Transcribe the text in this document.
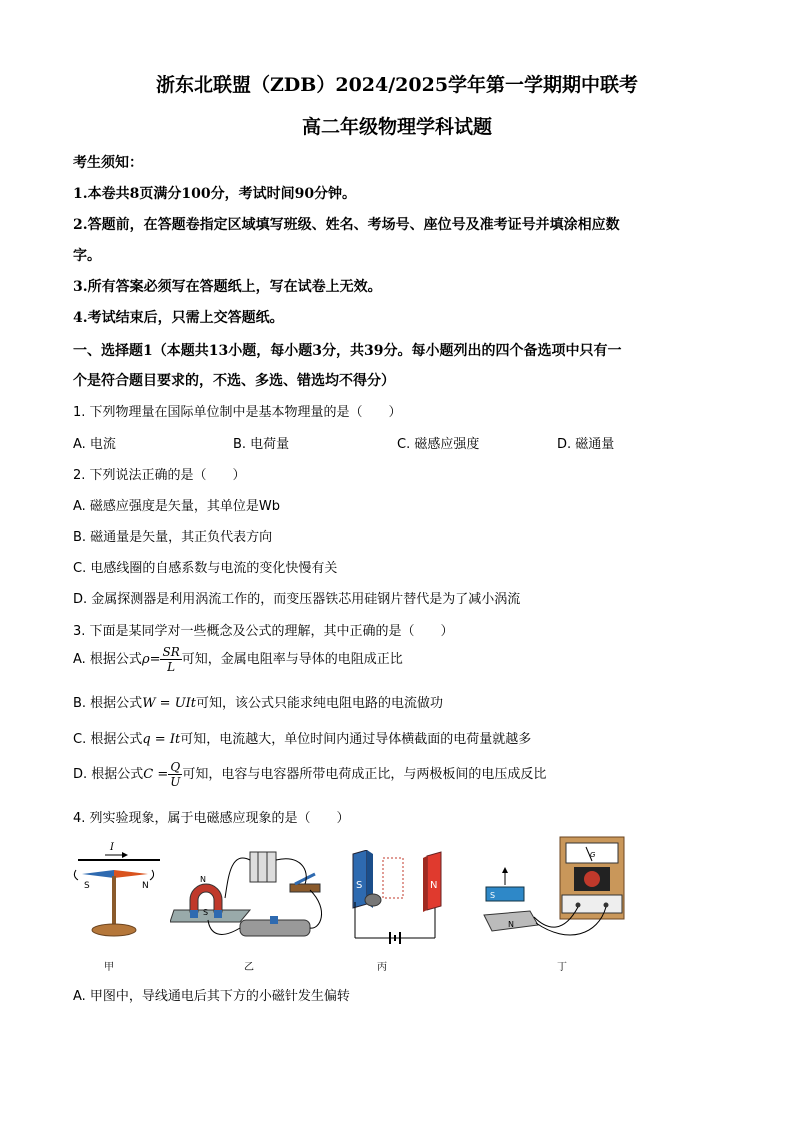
浙东北联盟（ZDB）2024/2025学年第一学期期中联考
高二年级物理学科试题
考生须知：
1.本卷共8页满分100分，考试时间90分钟。
2.答题前，在答题卷指定区域填写班级、姓名、考场号、座位号及准考证号并填涂相应数
字。
3.所有答案必须写在答题纸上，写在试卷上无效。
4.考试结束后，只需上交答题纸。
一、选择题1（本题共13小题，每小题3分，共39分。每小题列出的四个备选项中只有一
个是符合题目要求的，不选、多选、错选均不得分）
1. 下列物理量在国际单位制中是基本物理量的是（　　）
A. 电流	B. 电荷量	C. 磁感应强度	D. 磁通量
2. 下列说法正确的是（　　）
A. 磁感应强度是矢量，其单位是Wb
B. 磁通量是矢量，其正负代表方向
C. 电感线圈的自感系数与电流的变化快慢有关
D. 金属探测器是利用涡流工作的，而变压器铁芯用硅钢片替代是为了减小涡流
3. 下面是某同学对一些概念及公式的理解，其中正确的是（　　）
A. 根据公式$\rho= \frac{SR}{L}$ 可知，金属电阻率与导体的电阻成正比
B. 根据公式W = UIt可知，该公式只能求纯电阻电路的电流做功
C. 根据公式q = It可知，电流越大，单位时间内通过导体横截面的电荷量就越多
D. 根据公式$C = \frac{Q}{U}$ 可知，电容与电容器所带电荷成正比，与两极板间的电压成反比
4. 列实验现象，属于电磁感应现象的是（　　）
I
S	N
N
S
S	N
G
S
N
甲	乙	丙	丁
A. 甲图中，导线通电后其下方的小磁针发生偏转
